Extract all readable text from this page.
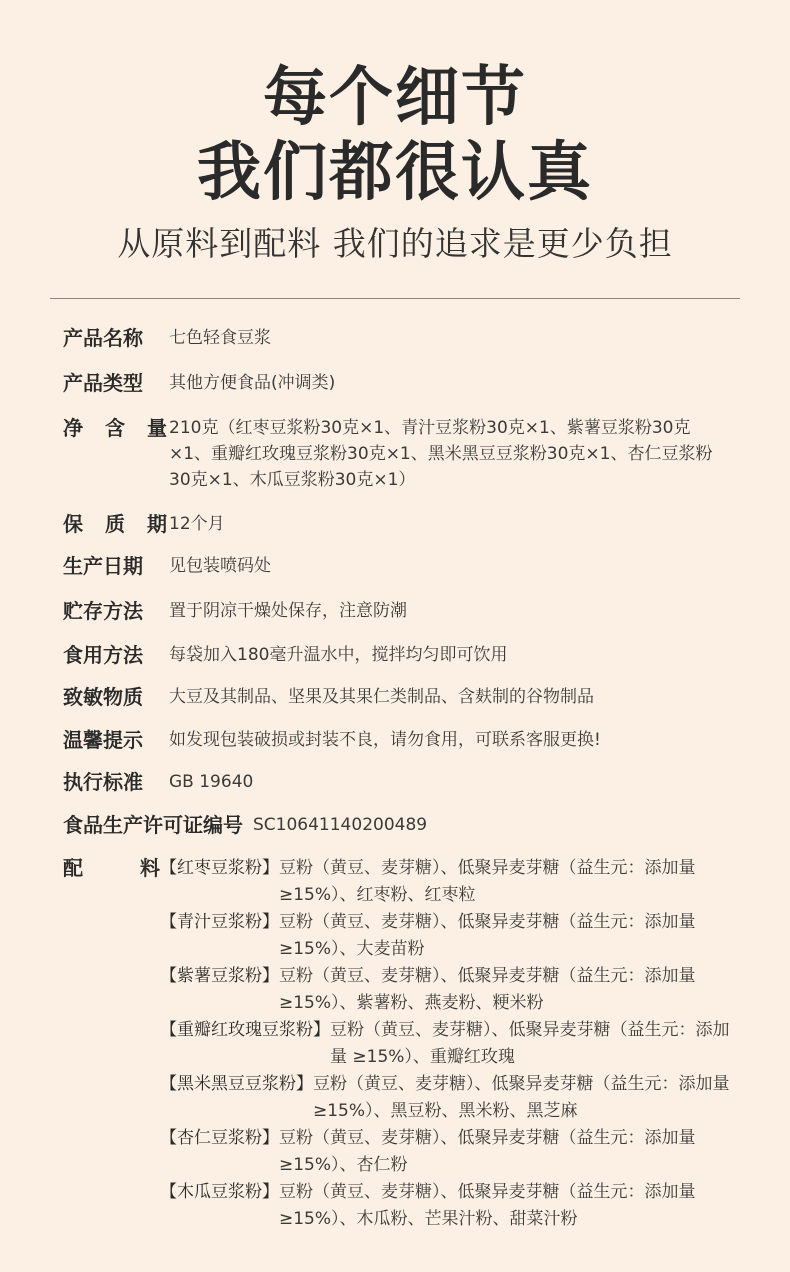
每个细节
我们都很认真
从原料到配料 我们的追求是更少负担
产品名称	七色轻食豆浆
产品类型	其他方便食品(冲调类)
净 含 量 210克（红枣豆浆粉30克×1、青汁豆浆粉30克×1、紫薯豆浆粉30克×1、重瓣红玫瑰豆浆粉30克×1、黑米黑豆豆浆粉30克×1、杏仁豆浆粉30克×1、木瓜豆浆粉30克×1）
保 质 期 12个月
生产日期	见包装喷码处
贮存方法	置于阴凉干燥处保存，注意防潮
食用方法	每袋加入180毫升温水中，搅拌均匀即可饮用
致敏物质	大豆及其制品、坚果及其果仁类制品、含麸制的谷物制品
温馨提示	如发现包装破损或封装不良，请勿食用，可联系客服更换!
执行标准	GB 19640
食品生产许可证编号 SC10641140200489
配	料 【红枣豆浆粉】 豆粉（黄豆、麦芽糖）、低聚异麦芽糖（益生元：添加量≥15%）、红枣粉、红枣粒
【青汁豆浆粉】 豆粉（黄豆、麦芽糖）、低聚异麦芽糖（益生元：添加量 ≥15%）、大麦苗粉
【紫薯豆浆粉】 豆粉（黄豆、麦芽糖）、低聚异麦芽糖（益生元：添加量≥15%）、紫薯粉、燕麦粉、粳米粉
【重瓣红玫瑰豆浆粉】 豆粉（黄豆、麦芽糖）、低聚异麦芽糖（益生元：添加量 ≥15%）、重瓣红玫瑰
【黑米黑豆豆浆粉】 豆粉（黄豆、麦芽糖）、低聚异麦芽糖（益生元：添加量 ≥15%）、黑豆粉、黑米粉、黑芝麻
【杏仁豆浆粉】 豆粉（黄豆、麦芽糖）、低聚异麦芽糖（益生元：添加量≥15%）、杏仁粉
【木瓜豆浆粉】 豆粉（黄豆、麦芽糖）、低聚异麦芽糖（益生元：添加量≥15%）、木瓜粉、芒果汁粉、甜菜汁粉
